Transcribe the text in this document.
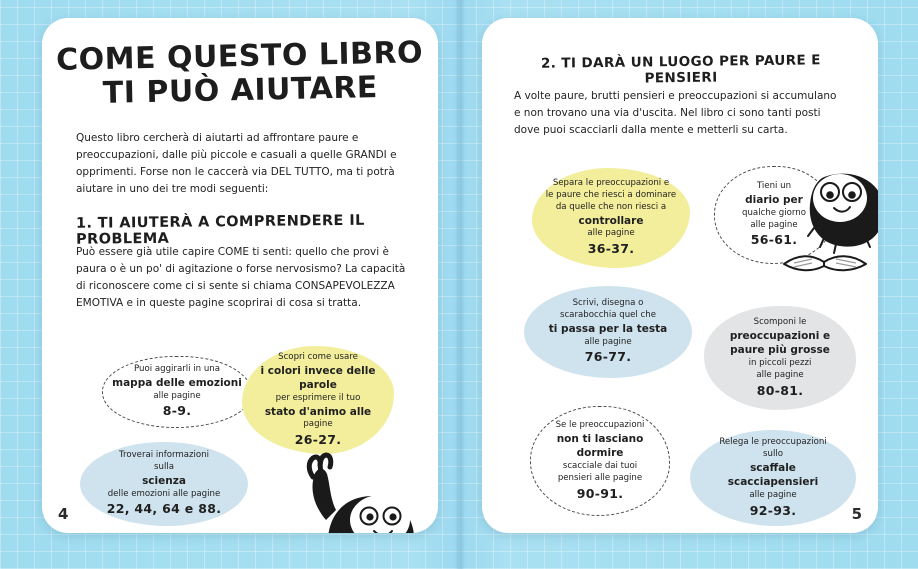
COME QUESTO LIBRO
TI PUÒ AIUTARE
Questo libro cercherà di aiutarti ad affrontare paure e preoccupazioni, dalle più piccole e casuali a quelle GRANDI e opprimenti. Forse non le caccerà via DEL TUTTO, ma ti potrà aiutare in uno dei tre modi seguenti:
1. TI AIUTERÀ A COMPRENDERE IL PROBLEMA
Può essere già utile capire COME ti senti: quello che provi è paura o è un po' di agitazione o forse nervosismo? La capacità di riconoscere come ci si sente si chiama CONSAPEVOLEZZA EMOTIVA e in queste pagine scoprirai di cosa si tratta.
Puoi aggirarli in una
mappa delle emozioni
alle pagine
8-9.
Scopri come usare
i colori invece delle parole
per esprimere il tuo
stato d'animo alle
pagine
26-27.
Troverai informazioni
sulla
scienza
delle emozioni alle pagine
22, 44, 64 e 88.
4
2. TI DARÀ UN LUOGO PER PAURE E PENSIERI
A volte paure, brutti pensieri e preoccupazioni si accumulano e non trovano una via d'uscita. Nel libro ci sono tanti posti dove puoi scacciarli dalla mente e metterli su carta.
Separa le preoccupazioni e
le paure che riesci a dominare
da quelle che non riesci a
controllare
alle pagine
36-37.
Tieni un
diario per
qualche giorno
alle pagine
56-61.
Scrivi, disegna o
scarabocchia quel che
ti passa per la testa
alle pagine
76-77.
Scomponi le
preoccupazioni e
paure più grosse
in piccoli pezzi
alle pagine
80-81.
Se le preoccupazioni
non ti lasciano
dormire
scacciale dai tuoi
pensieri alle pagine
90-91.
Relega le preoccupazioni
sullo
scaffale
scacciapensieri
alle pagine
92-93.	5
